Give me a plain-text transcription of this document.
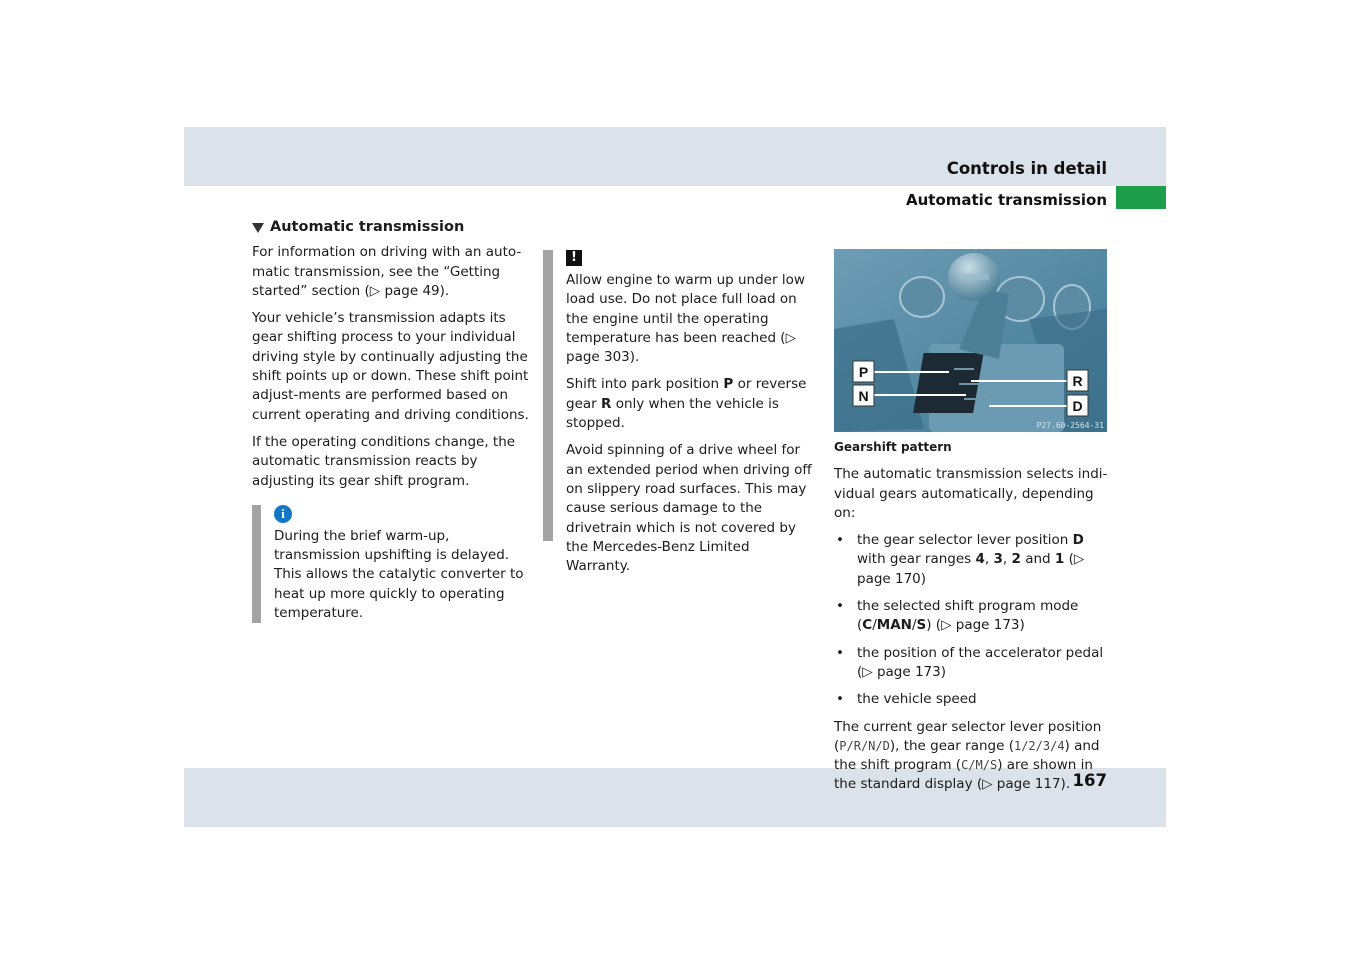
Controls in detail
Automatic transmission
167
Automatic transmission

For information on driving with an auto-matic transmission, see the “Getting started” section (▷ page 49).

Your vehicle’s transmission adapts its gear shifting process to your individual driving style by continually adjusting the shift points up or down. These shift point adjust-ments are performed based on current operating and driving conditions.

If the operating conditions change, the automatic transmission reacts by adjusting its gear shift program.

i

During the brief warm-up, transmission upshifting is delayed. This allows the catalytic converter to heat up more quickly to operating temperature.

!

Allow engine to warm up under low load use. Do not place full load on the engine until the operating temperature has been reached (▷ page 303).

Shift into park position P or reverse gear R only when the vehicle is stopped.

Avoid spinning of a drive wheel for an extended period when driving off on slippery road surfaces. This may cause serious damage to the drivetrain which is not covered by the Mercedes-Benz Limited Warranty.

P
N
R
D
P27.60-2564-31

Gearshift pattern

The automatic transmission selects indi-vidual gears automatically, depending on:

• the gear selector lever position D with gear ranges 4, 3, 2 and 1 (▷ page 170)
• the selected shift program mode (C/MAN/S) (▷ page 173)
• the position of the accelerator pedal (▷ page 173)
• the vehicle speed

The current gear selector lever position (P/R/N/D), the gear range (1/2/3/4) and the shift program (C/M/S) are shown in the standard display (▷ page 117).
